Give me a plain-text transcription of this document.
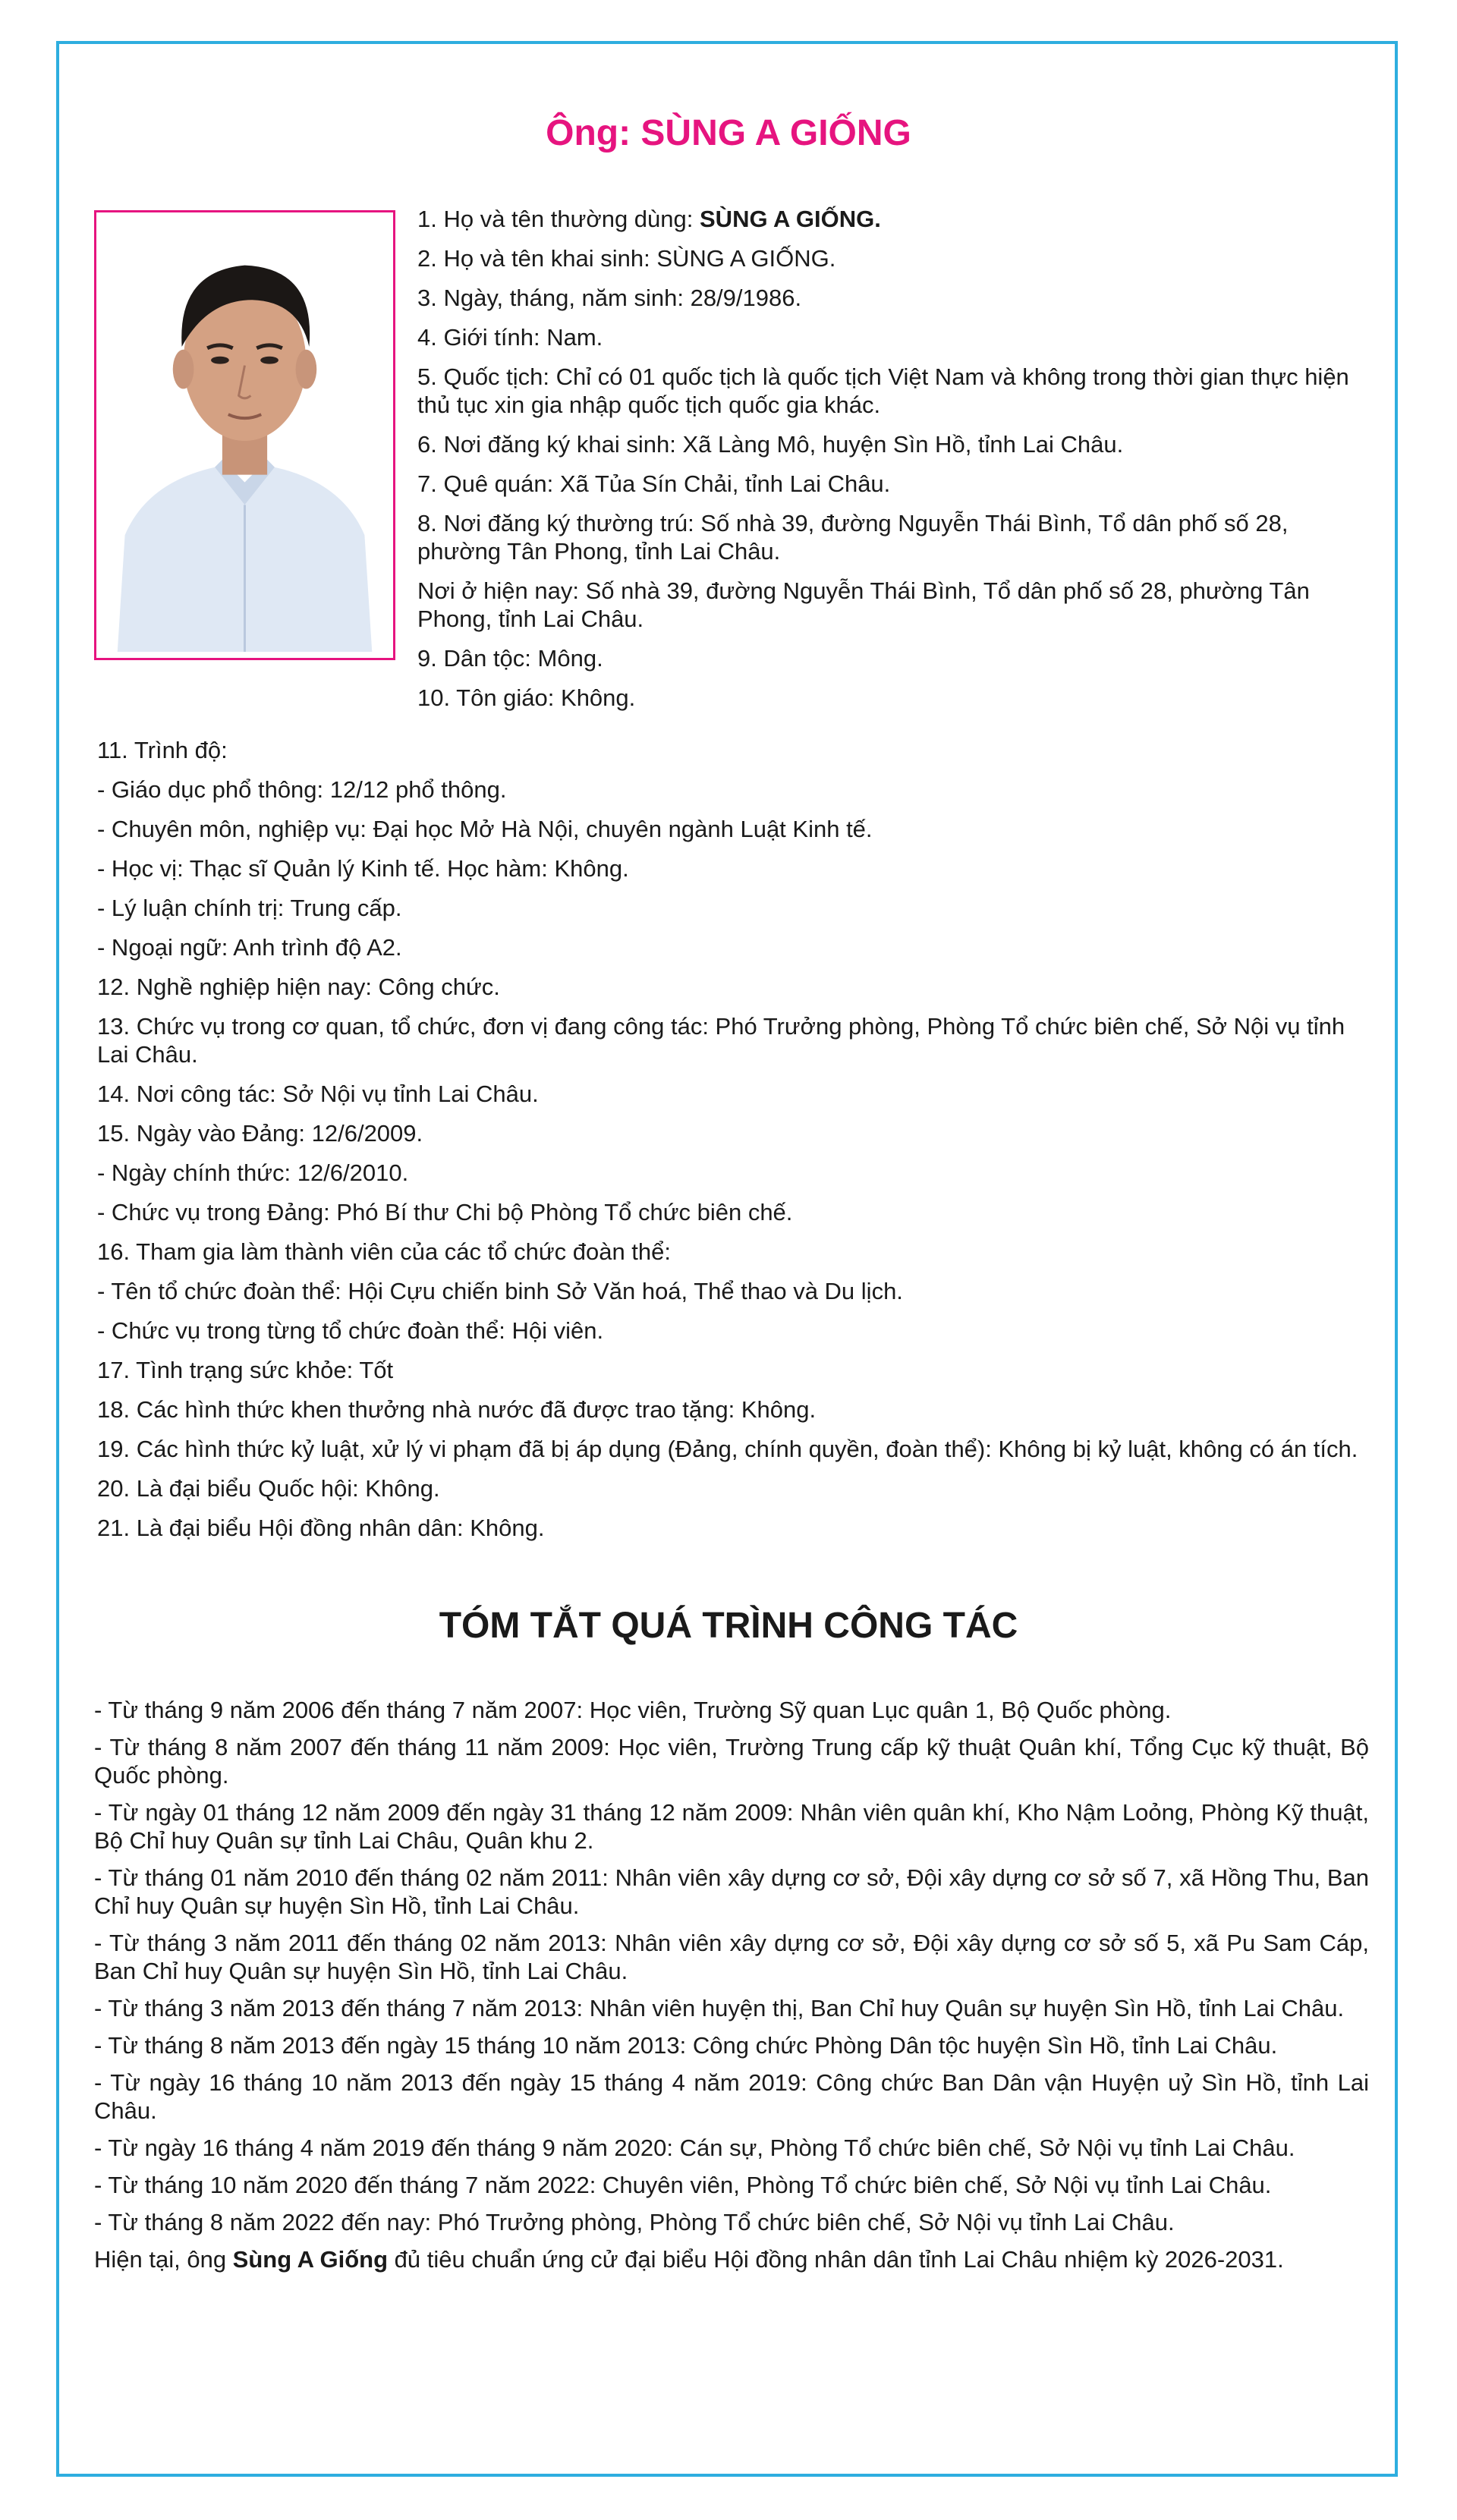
Ông: SÙNG A GIỐNG

1. Họ và tên thường dùng: SÙNG A GIỐNG.

2. Họ và tên khai sinh: SÙNG A GIỐNG.

3. Ngày, tháng, năm sinh: 28/9/1986.

4. Giới tính: Nam.

5. Quốc tịch: Chỉ có 01 quốc tịch là quốc tịch Việt Nam và không trong thời gian thực hiện thủ tục xin gia nhập quốc tịch quốc gia khác.

6. Nơi đăng ký khai sinh: Xã Làng Mô, huyện Sìn Hồ, tỉnh Lai Châu.

7. Quê quán: Xã Tủa Sín Chải, tỉnh Lai Châu.

8. Nơi đăng ký thường trú: Số nhà 39, đường Nguyễn Thái Bình, Tổ dân phố số 28, phường Tân Phong, tỉnh Lai Châu.

Nơi ở hiện nay: Số nhà 39, đường Nguyễn Thái Bình, Tổ dân phố số 28, phường Tân Phong, tỉnh Lai Châu.

9. Dân tộc: Mông.

10. Tôn giáo: Không.

11. Trình độ:

- Giáo dục phổ thông: 12/12 phổ thông.

- Chuyên môn, nghiệp vụ: Đại học Mở Hà Nội, chuyên ngành Luật Kinh tế.

- Học vị: Thạc sĩ Quản lý Kinh tế. Học hàm: Không.

- Lý luận chính trị: Trung cấp.

- Ngoại ngữ: Anh trình độ A2.

12. Nghề nghiệp hiện nay: Công chức.

13. Chức vụ trong cơ quan, tổ chức, đơn vị đang công tác: Phó Trưởng phòng, Phòng Tổ chức biên chế, Sở Nội vụ tỉnh Lai Châu.

14. Nơi công tác: Sở Nội vụ tỉnh Lai Châu.

15. Ngày vào Đảng: 12/6/2009.

- Ngày chính thức: 12/6/2010.

- Chức vụ trong Đảng: Phó Bí thư Chi bộ Phòng Tổ chức biên chế.

16. Tham gia làm thành viên của các tổ chức đoàn thể:

- Tên tổ chức đoàn thể: Hội Cựu chiến binh Sở Văn hoá, Thể thao và Du lịch.

- Chức vụ trong từng tổ chức đoàn thể: Hội viên.

17. Tình trạng sức khỏe: Tốt

18. Các hình thức khen thưởng nhà nước đã được trao tặng: Không.

19. Các hình thức kỷ luật, xử lý vi phạm đã bị áp dụng (Đảng, chính quyền, đoàn thể): Không bị kỷ luật, không có án tích.

20. Là đại biểu Quốc hội: Không.

21. Là đại biểu Hội đồng nhân dân: Không.

TÓM TẮT QUÁ TRÌNH CÔNG TÁC

- Từ tháng 9 năm 2006 đến tháng 7 năm 2007: Học viên, Trường Sỹ quan Lục quân 1, Bộ Quốc phòng.

- Từ tháng 8 năm 2007 đến tháng 11 năm 2009: Học viên, Trường Trung cấp kỹ thuật Quân khí, Tổng Cục kỹ thuật, Bộ Quốc phòng.

- Từ ngày 01 tháng 12 năm 2009 đến ngày 31 tháng 12 năm 2009: Nhân viên quân khí, Kho Nậm Loỏng, Phòng Kỹ thuật, Bộ Chỉ huy Quân sự tỉnh Lai Châu, Quân khu 2.

- Từ tháng 01 năm 2010 đến tháng 02 năm 2011: Nhân viên xây dựng cơ sở, Đội xây dựng cơ sở số 7, xã Hồng Thu, Ban Chỉ huy Quân sự huyện Sìn Hồ, tỉnh Lai Châu.

- Từ tháng 3 năm 2011 đến tháng 02 năm 2013: Nhân viên xây dựng cơ sở, Đội xây dựng cơ sở số 5, xã Pu Sam Cáp, Ban Chỉ huy Quân sự huyện Sìn Hồ, tỉnh Lai Châu.

- Từ tháng 3 năm 2013 đến tháng 7 năm 2013: Nhân viên huyện thị, Ban Chỉ huy Quân sự huyện Sìn Hồ, tỉnh Lai Châu.

- Từ tháng 8 năm 2013 đến ngày 15 tháng 10 năm 2013: Công chức Phòng Dân tộc huyện Sìn Hồ, tỉnh Lai Châu.

- Từ ngày 16 tháng 10 năm 2013 đến ngày 15 tháng 4 năm 2019: Công chức Ban Dân vận Huyện uỷ Sìn Hồ, tỉnh Lai Châu.

- Từ ngày 16 tháng 4 năm 2019 đến tháng 9 năm 2020: Cán sự, Phòng Tổ chức biên chế, Sở Nội vụ tỉnh Lai Châu.

- Từ tháng 10 năm 2020 đến tháng 7 năm 2022: Chuyên viên, Phòng Tổ chức biên chế, Sở Nội vụ tỉnh Lai Châu.

- Từ tháng 8 năm 2022 đến nay: Phó Trưởng phòng, Phòng Tổ chức biên chế, Sở Nội vụ tỉnh Lai Châu.

Hiện tại, ông Sùng A Giống đủ tiêu chuẩn ứng cử đại biểu Hội đồng nhân dân tỉnh Lai Châu nhiệm kỳ 2026-2031.
